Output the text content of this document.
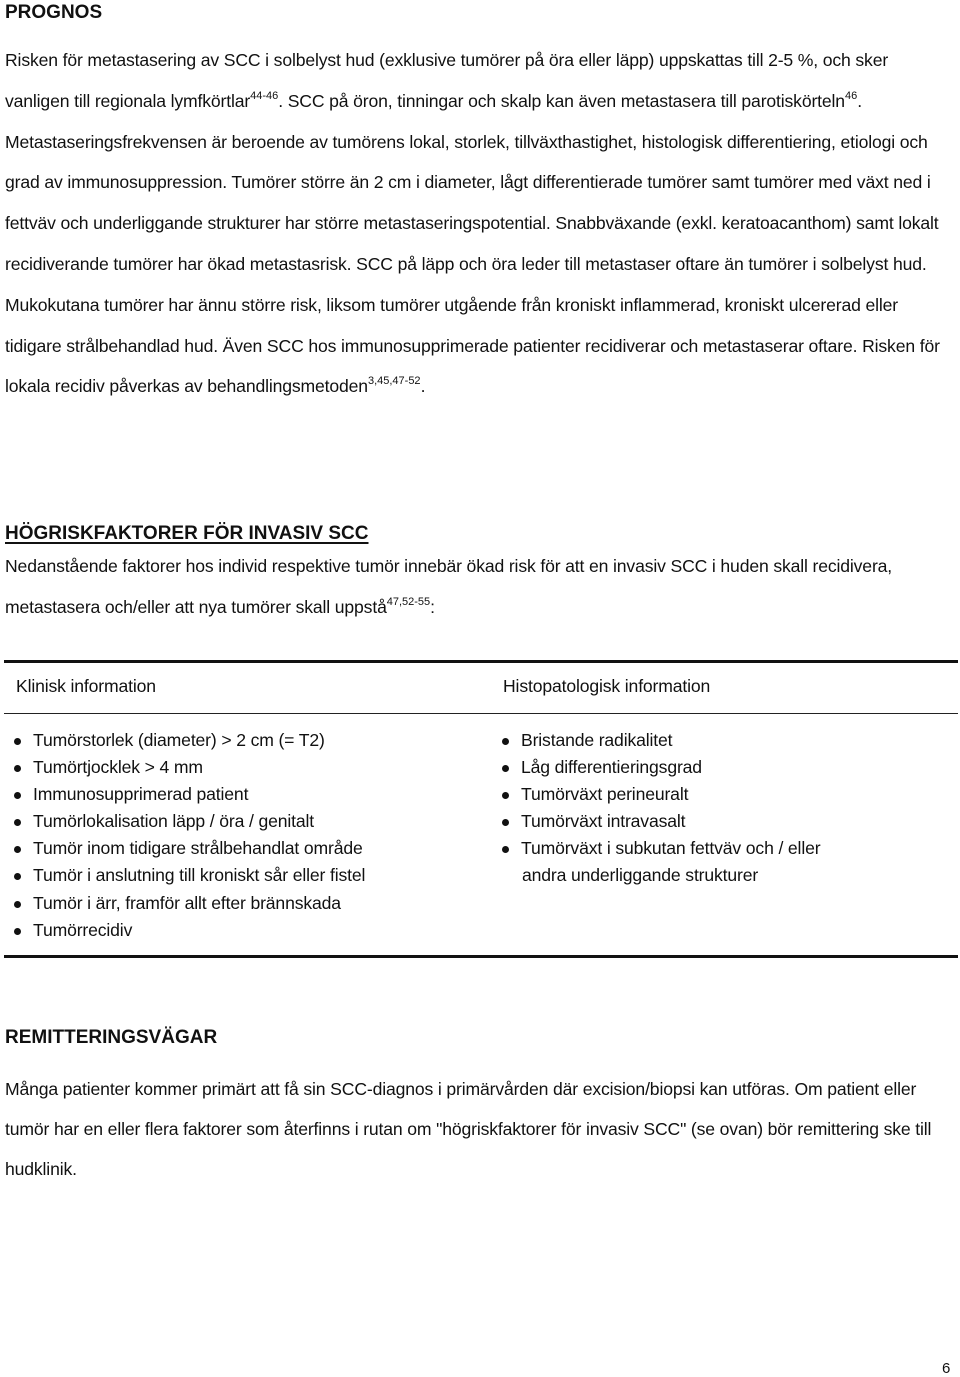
PROGNOS
Risken för metastasering av SCC i solbelyst hud (exklusive tumörer på öra eller läpp) uppskattas till 2-5 %, och sker vanligen till regionala lymfkörtlar$^{44-46}$. SCC på öron, tinningar och skalp kan även metastasera till parotiskörteln$^{46}$. Metastaseringsfrekvensen är beroende av tumörens lokal, storlek, tillväxthastighet, histologisk differentiering, etiologi och grad av immunosuppression. Tumörer större än 2 cm i diameter, lågt differentierade tumörer samt tumörer med växt ned i fettväv och underliggande strukturer har större metastaseringspotential. Snabbväxande (exkl. keratoacanthom) samt lokalt recidiverande tumörer har ökad metastasrisk. SCC på läpp och öra leder till metastaser oftare än tumörer i solbelyst hud. Mukokutana tumörer har ännu större risk, liksom tumörer utgående från kroniskt inflammerad, kroniskt ulcererad eller tidigare strålbehandlad hud. Även SCC hos immunosupprimerade patienter recidiverar och metastaserar oftare. Risken för lokala recidiv påverkas av behandlingsmetoden$^{3,45,47-52}$.
HÖGRISKFAKTORER FÖR INVASIV SCC
Nedanstående faktorer hos individ respektive tumör innebär ökad risk för att en invasiv SCC i huden skall recidivera, metastasera och/eller att nya tumörer skall uppstå$^{47,52-55}$:
Klinisk information	Histopatologisk information
Tumörstorlek (diameter) > 2 cm (= T2)
Tumörtjocklek > 4 mm
Immunosupprimerad patient
Tumörlokalisation läpp / öra / genitalt
Tumör inom tidigare strålbehandlat område
Tumör i anslutning till kroniskt sår eller fistel
Tumör i ärr, framför allt efter brännskada
Tumörrecidiv
Bristande radikalitet
Låg differentieringsgrad
Tumörväxt perineuralt
Tumörväxt intravasalt
Tumörväxt i subkutan fettväv och / eller
andra underliggande strukturer
REMITTERINGSVÄGAR
Många patienter kommer primärt att få sin SCC-diagnos i primärvården där excision/biopsi kan utföras. Om patient eller tumör har en eller flera faktorer som återfinns i rutan om "högriskfaktorer för invasiv SCC" (se ovan) bör remittering ske till hudklinik.
6
